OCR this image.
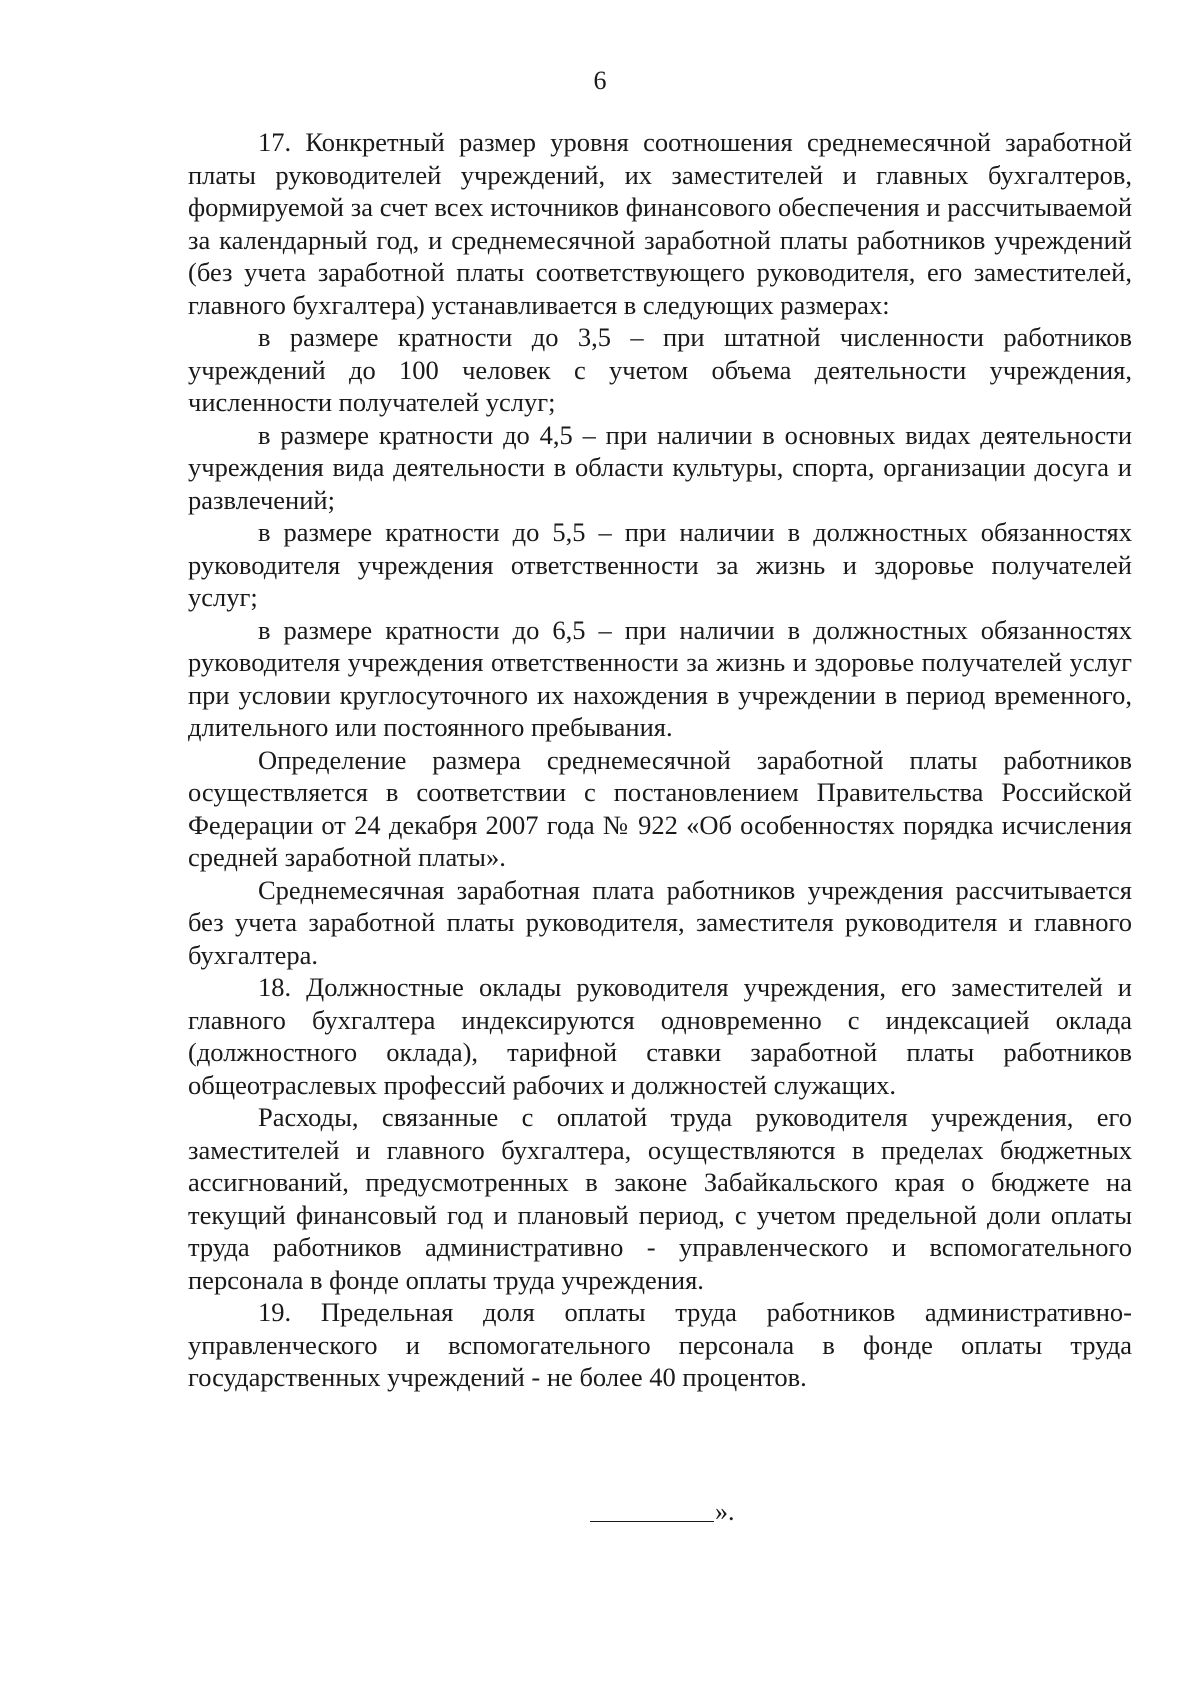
6

17. Конкретный размер уровня соотношения среднемесячной заработной платы руководителей учреждений, их заместителей и главных бухгалтеров, формируемой за счет всех источников финансового обеспечения и рассчитываемой за календарный год, и среднемесячной заработной платы работников учреждений (без учета заработной платы соответствующего руководителя, его заместителей, главного бухгалтера) устанавливается в следующих размерах:

в размере кратности до 3,5 – при штатной численности работников учреждений до 100 человек с учетом объема деятельности учреждения, численности получателей услуг;

в размере кратности до 4,5 – при наличии в основных видах деятельности учреждения вида деятельности в области культуры, спорта, организации досуга и развлечений;

в размере кратности до 5,5 – при наличии в должностных обязанностях руководителя учреждения ответственности за жизнь и здоровье получателей услуг;

в размере кратности до 6,5 – при наличии в должностных обязанностях руководителя учреждения ответственности за жизнь и здоровье получателей услуг при условии круглосуточного их нахождения в учреждении в период временного, длительного или постоянного пребывания.

Определение размера среднемесячной заработной платы работников осуществляется в соответствии с постановлением Правительства Российской Федерации от 24 декабря 2007 года № 922 «Об особенностях порядка исчисления средней заработной платы».

Среднемесячная заработная плата работников учреждения рассчитывается без учета заработной платы руководителя, заместителя руководителя и главного бухгалтера.

18. Должностные оклады руководителя учреждения, его заместителей и главного бухгалтера индексируются одновременно с индексацией оклада (должностного оклада), тарифной ставки заработной платы работников общеотраслевых профессий рабочих и должностей служащих.

Расходы, связанные с оплатой труда руководителя учреждения, его заместителей и главного бухгалтера, осуществляются в пределах бюджетных ассигнований, предусмотренных в законе Забайкальского края о бюджете на текущий финансовый год и плановый период, с учетом предельной доли оплаты труда работников административно - управленческого и вспомогательного персонала в фонде оплаты труда учреждения.

19. Предельная доля оплаты труда работников административно-управленческого и вспомогательного персонала в фонде оплаты труда государственных учреждений - не более 40 процентов.

».
